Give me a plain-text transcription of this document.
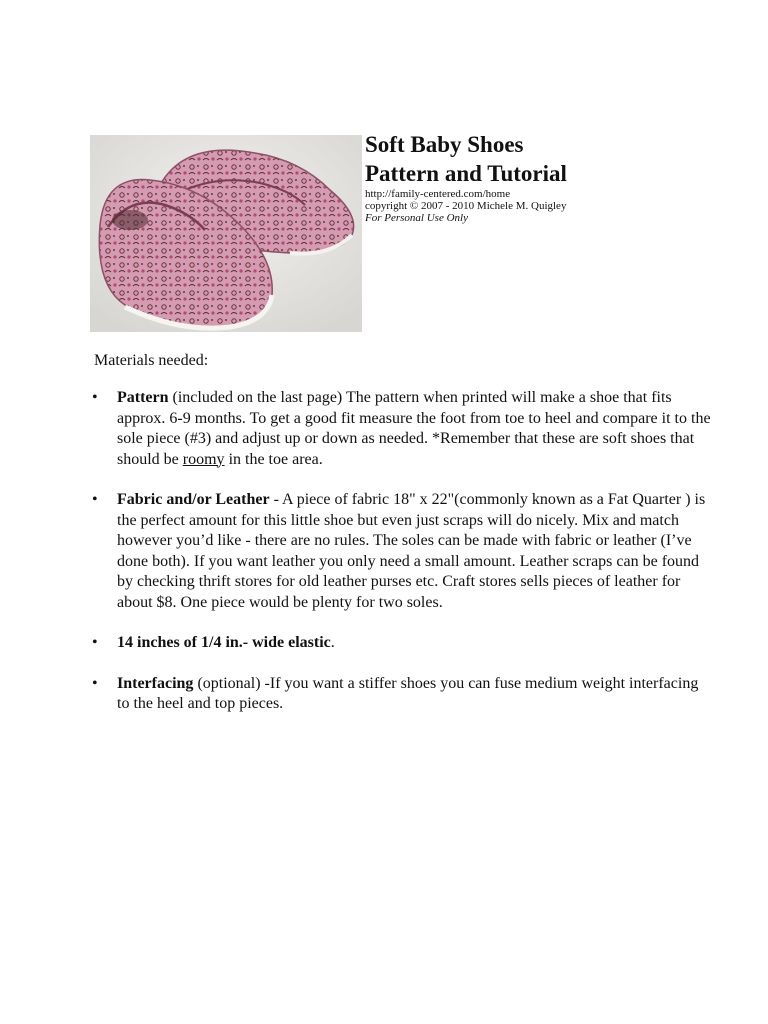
Soft Baby Shoes
Pattern and Tutorial

http://family-centered.com/home

copyright © 2007 - 2010 Michele M. Quigley

For Personal Use Only

Materials needed:

• Pattern (included on the last page) The pattern when printed will make a shoe that fits approx. 6-9 months. To get a good fit measure the foot from toe to heel and compare it to the sole piece (#3) and adjust up or down as needed. *Remember that these are soft shoes that should be roomy in the toe area.
• Fabric and/or Leather - A piece of fabric 18" x 22"(commonly known as a Fat Quarter ) is the perfect amount for this little shoe but even just scraps will do nicely. Mix and match however you’d like - there are no rules. The soles can be made with fabric or leather (I’ve done both). If you want leather you only need a small amount. Leather scraps can be found by checking thrift stores for old leather purses etc. Craft stores sells pieces of leather for about $8. One piece would be plenty for two soles.
• 14 inches of 1/4 in.- wide elastic.
• Interfacing (optional) -If you want a stiffer shoes you can fuse medium weight interfacing to the heel and top pieces.
